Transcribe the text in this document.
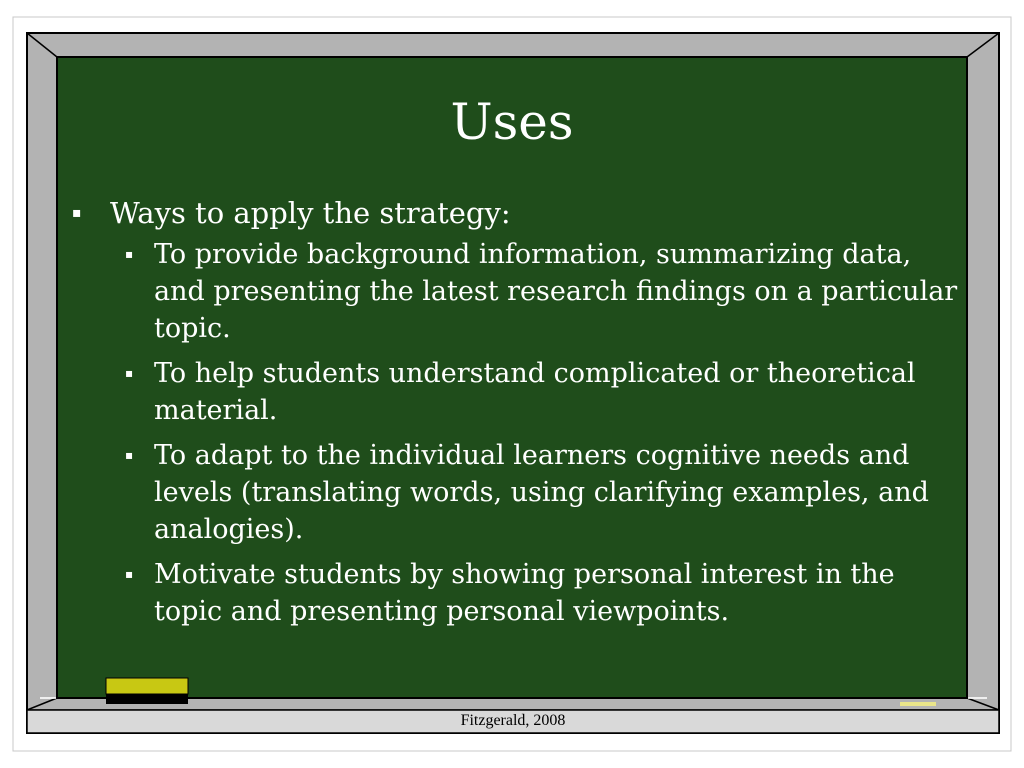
Uses
▪ Ways to apply the strategy:
▪ To provide background information, summarizing data, and presenting the latest research findings on a particular topic.
▪ To help students understand complicated or theoretical material.
▪ To adapt to the individual learners cognitive needs and levels (translating words, using clarifying examples, and analogies).
▪ Motivate students by showing personal interest in the topic and presenting personal viewpoints.
Fitzgerald, 2008
